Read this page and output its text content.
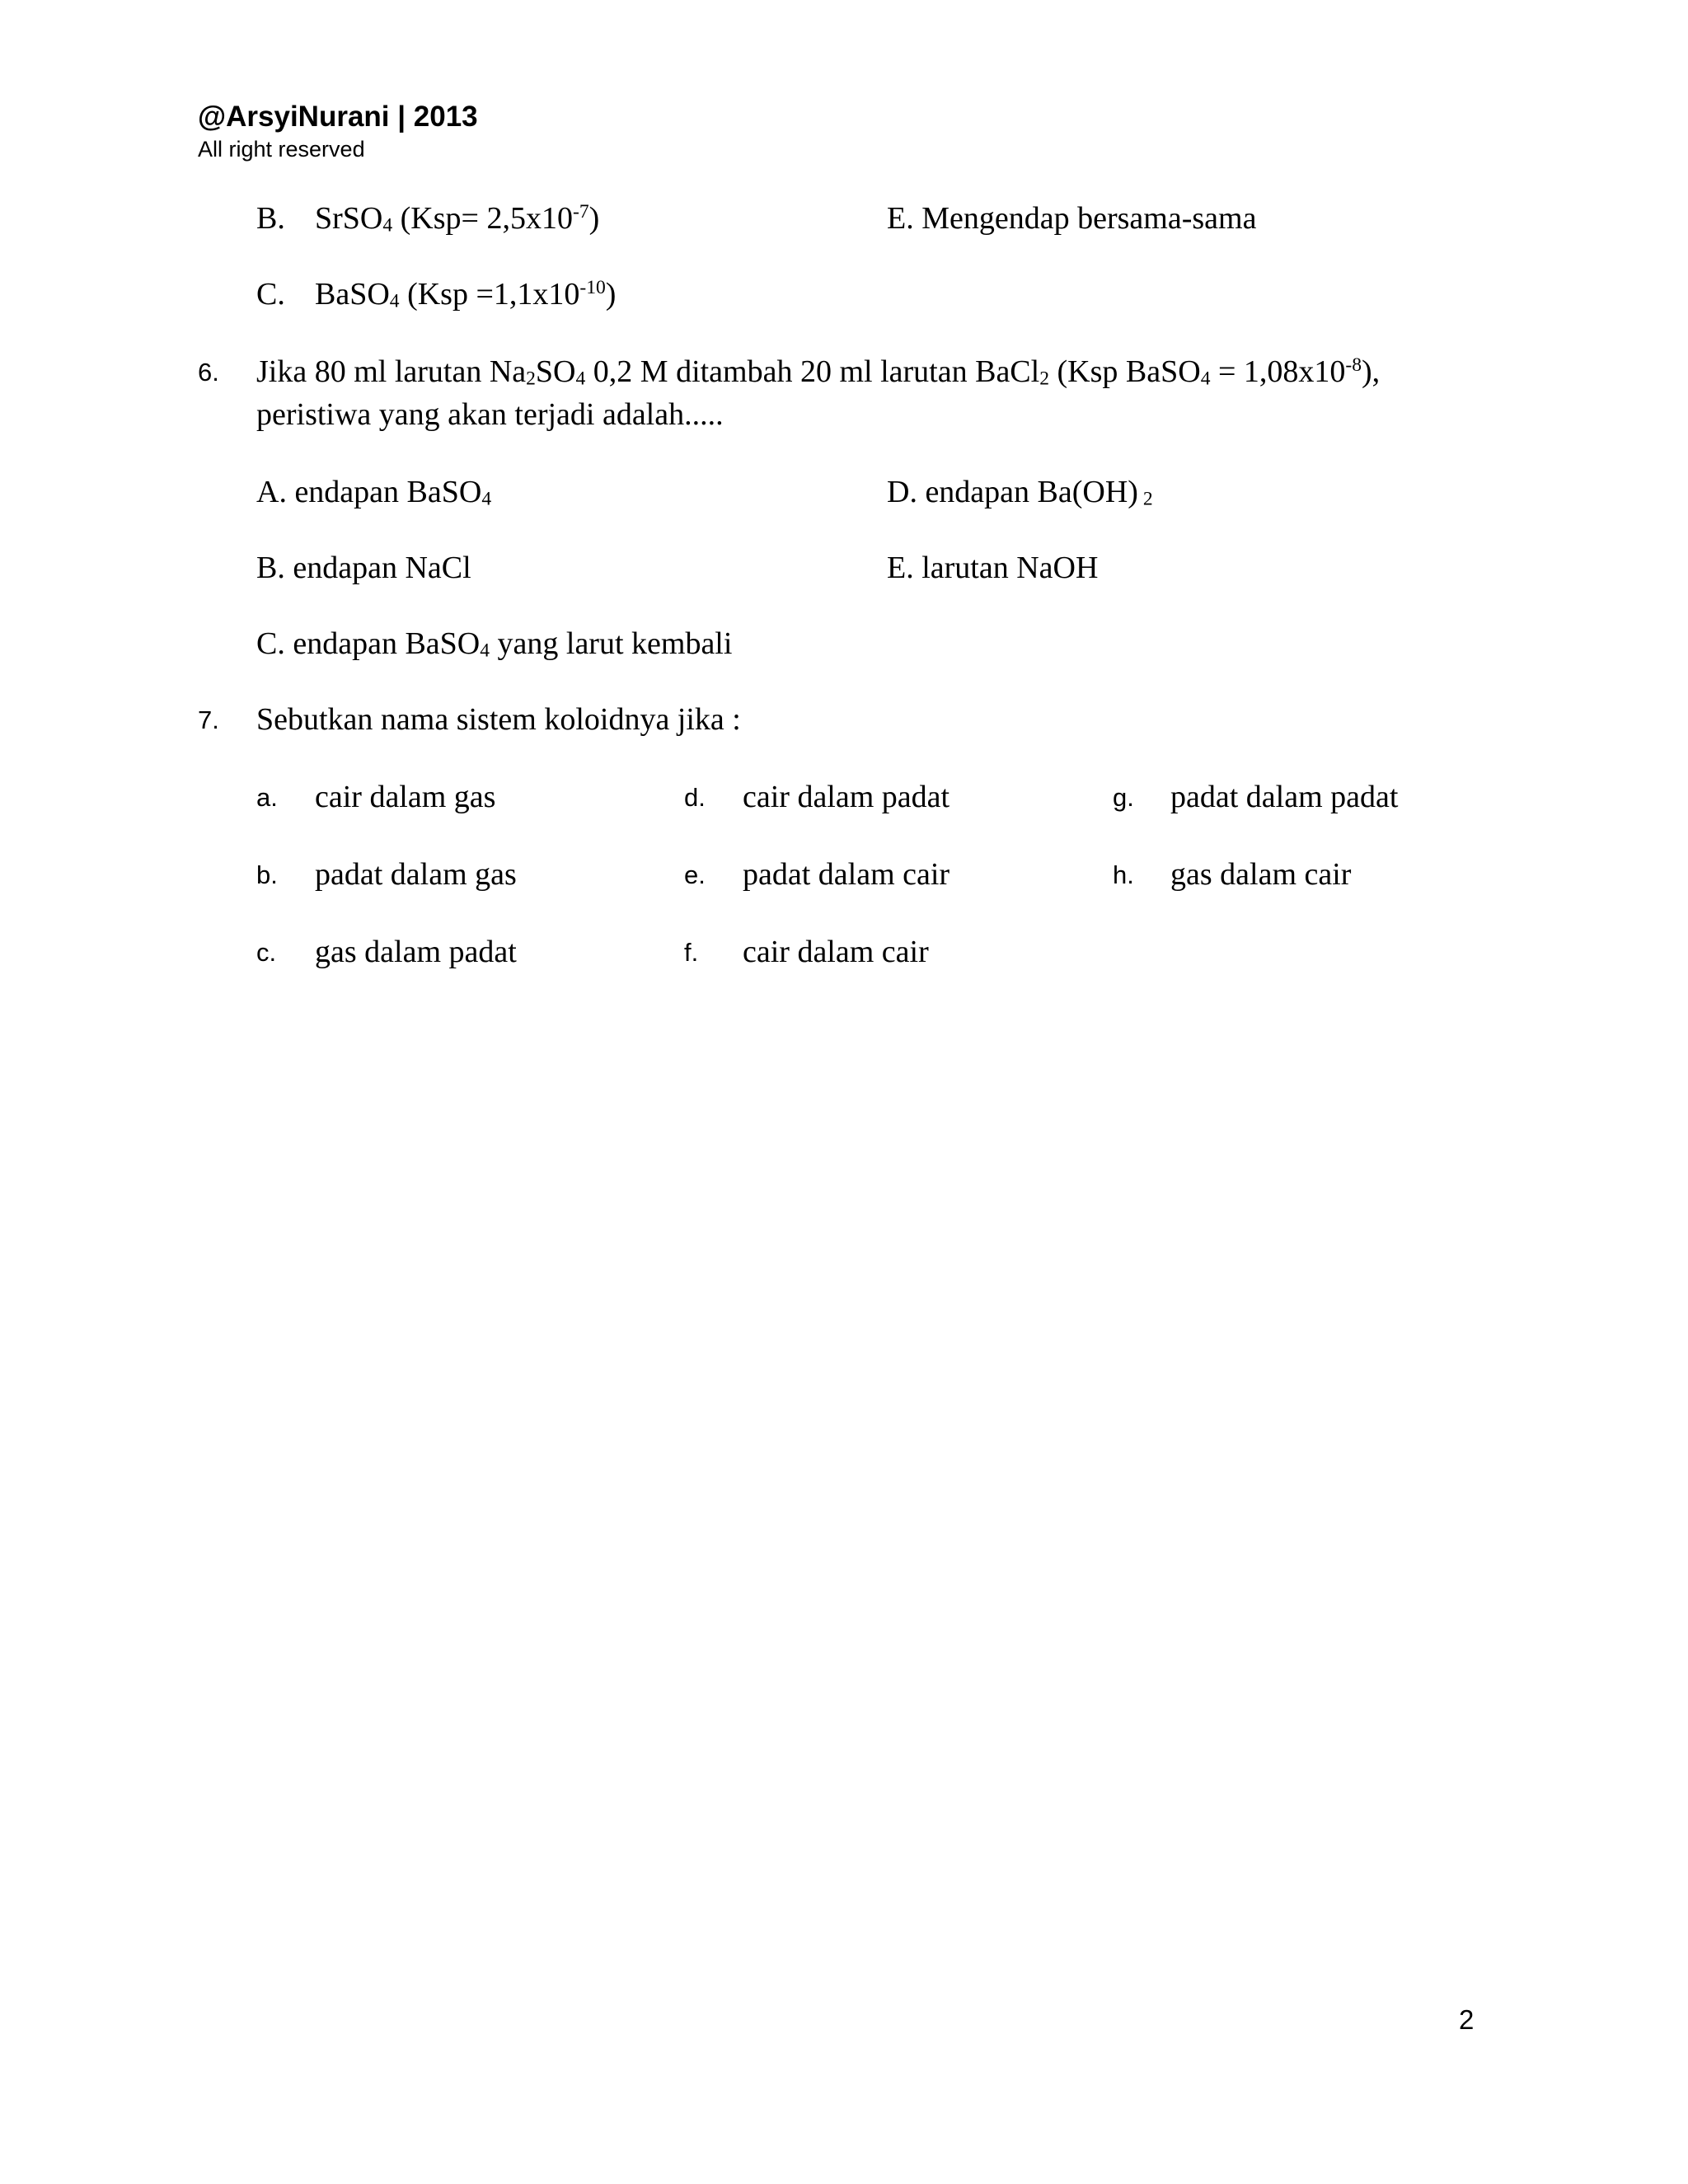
@ArsyiNurani | 2013
All right reserved
B. SrSO$_4$ $(Ksp= 2,5x10^{-7})$	E. Mengendap bersama-sama
C. BaSO$_4$ $(Ksp =1,1x10^{-10})$
6. Jika 80 ml larutan $Na_2SO_4$ 0,2 M ditambah 20 ml larutan BaCl$_2$ (Ksp BaSO$_4$ = $1,08x10^{-8}$),
peristiwa yang akan terjadi adalah.....
A. endapan BaSO$_4$	D. endapan Ba(OH) $_2$
B. endapan NaCl	E. larutan NaOH
C. endapan BaSO$_4$ yang larut kembali
7. Sebutkan nama sistem koloidnya jika :
a. cair dalam gas
b. padat dalam gas
c. gas dalam padat
d. cair dalam padat
e. padat dalam cair
f. cair dalam cair
g. padat dalam padat
h. gas dalam cair
2
